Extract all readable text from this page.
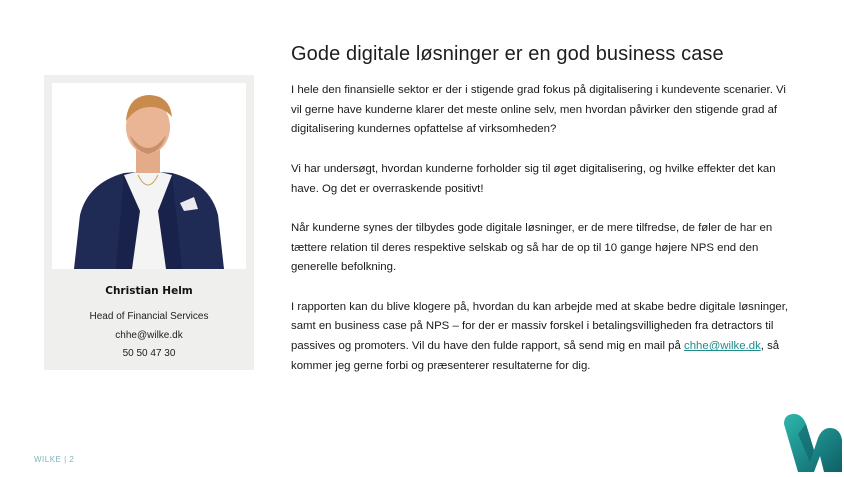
Christian Helm
Head of Financial Services
chhe@wilke.dk
50 50 47 30
Gode digitale løsninger er en god business case

I hele den finansielle sektor er der i stigende grad fokus på digitalisering i kundevente scenarier. Vi vil gerne have kunderne klarer det meste online selv, men hvordan påvirker den stigende grad af digitalisering kundernes opfattelse af virksomheden?

Vi har undersøgt, hvordan kunderne forholder sig til øget digitalisering, og hvilke effekter det kan have. Og det er overraskende positivt!

Når kunderne synes der tilbydes gode digitale løsninger, er de mere tilfredse, de føler de har en tættere relation til deres respektive selskab og så har de op til 10 gange højere NPS end den generelle befolkning.

I rapporten kan du blive klogere på, hvordan du kan arbejde med at skabe bedre digitale løsninger, samt en business case på NPS – for der er massiv forskel i betalingsvilligheden fra detractors til passives og promoters. Vil du have den fulde rapport, så send mig en mail på chhe@wilke.dk, så kommer jeg gerne forbi og præsenterer resultaterne for dig.

WILKE | 2
